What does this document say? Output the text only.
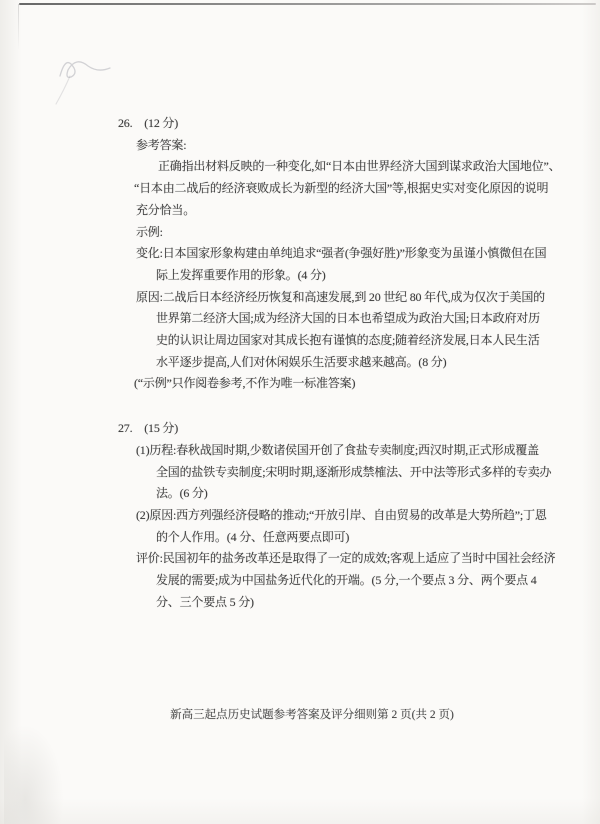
26. (12 分)
参考答案:
正确指出材料反映的一种变化,如“日本由世界经济大国到谋求政治大国地位”、
“日本由二战后的经济衰败成长为新型的经济大国”等,根据史实对变化原因的说明
充分恰当。
示例:
变化:日本国家形象构建由单纯追求“强者(争强好胜)”形象变为虽谨小慎微但在国
际上发挥重要作用的形象。(4 分)
原因:二战后日本经济经历恢复和高速发展,到 20 世纪 80 年代,成为仅次于美国的
世界第二经济大国;成为经济大国的日本也希望成为政治大国;日本政府对历
史的认识让周边国家对其成长抱有谨慎的态度;随着经济发展,日本人民生活
水平逐步提高,人们对休闲娱乐生活要求越来越高。(8 分)
(“示例”只作阅卷参考,不作为唯一标准答案)
27. (15 分)
(1)历程:春秋战国时期,少数诸侯国开创了食盐专卖制度;西汉时期,正式形成覆盖
全国的盐铁专卖制度;宋明时期,逐渐形成禁榷法、开中法等形式多样的专卖办
法。(6 分)
(2)原因:西方列强经济侵略的推动;“开放引岸、自由贸易的改革是大势所趋”;丁恩
的个人作用。(4 分、任意两要点即可)
评价:民国初年的盐务改革还是取得了一定的成效;客观上适应了当时中国社会经济
发展的需要;成为中国盐务近代化的开端。(5 分,一个要点 3 分、两个要点 4
分、三个要点 5 分)
新高三起点历史试题参考答案及评分细则第 2 页(共 2 页)
